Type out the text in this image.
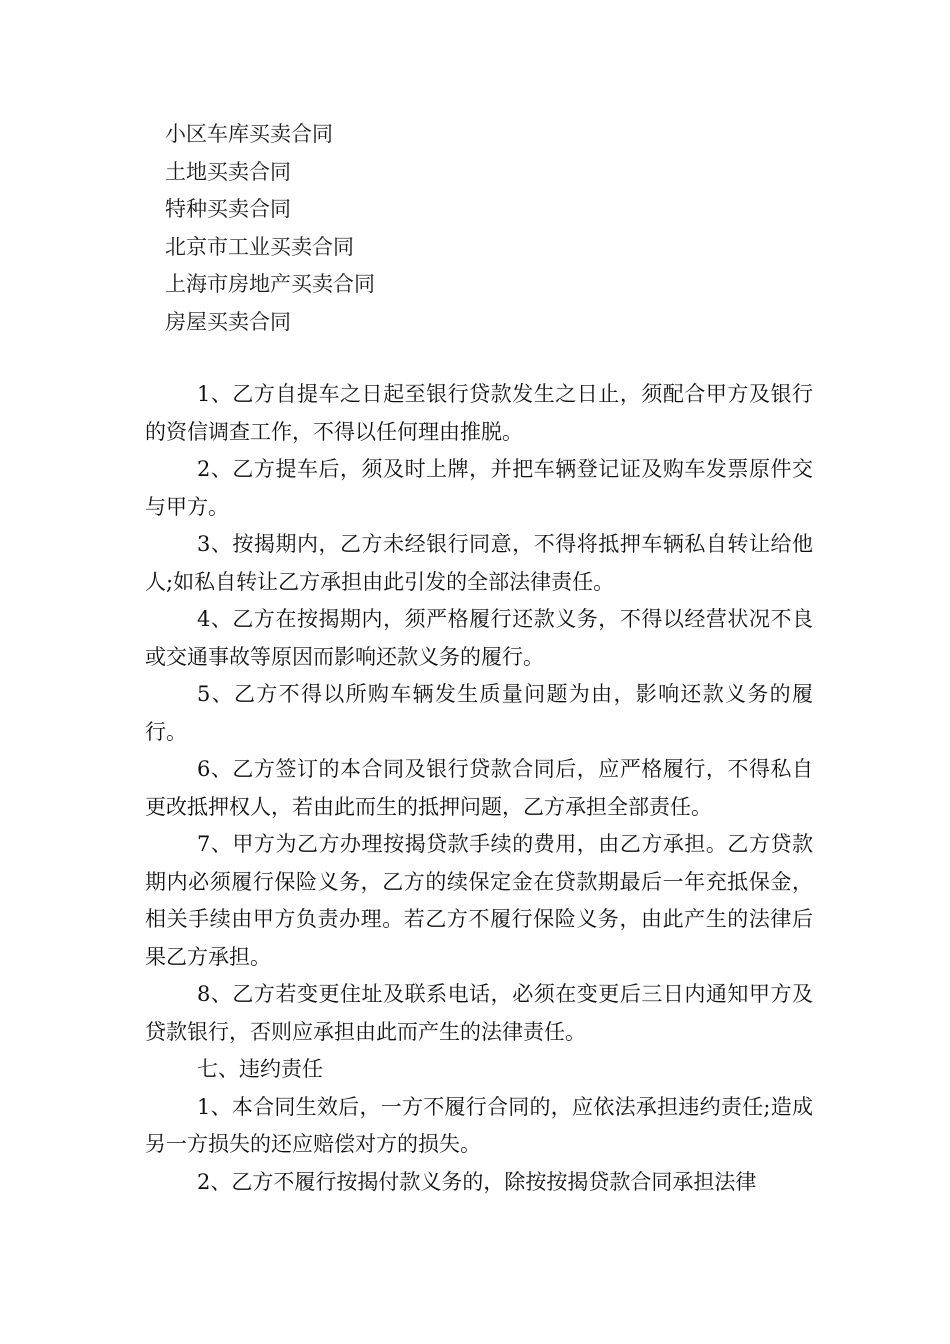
小区车库买卖合同
土地买卖合同
特种买卖合同
北京市工业买卖合同
上海市房地产买卖合同
房屋买卖合同

1、乙方自提车之日起至银行贷款发生之日止，须配合甲方及银行的资信调查工作，不得以任何理由推脱。

2、乙方提车后，须及时上牌，并把车辆登记证及购车发票原件交与甲方。

3、按揭期内，乙方未经银行同意，不得将抵押车辆私自转让给他人;如私自转让乙方承担由此引发的全部法律责任。

4、乙方在按揭期内，须严格履行还款义务，不得以经营状况不良或交通事故等原因而影响还款义务的履行。

5、乙方不得以所购车辆发生质量问题为由，影响还款义务的履行。

6、乙方签订的本合同及银行贷款合同后，应严格履行，不得私自更改抵押权人，若由此而生的抵押问题，乙方承担全部责任。

7、甲方为乙方办理按揭贷款手续的费用，由乙方承担。乙方贷款期内必须履行保险义务，乙方的续保定金在贷款期最后一年充抵保金，相关手续由甲方负责办理。若乙方不履行保险义务，由此产生的法律后果乙方承担。

8、乙方若变更住址及联系电话，必须在变更后三日内通知甲方及贷款银行，否则应承担由此而产生的法律责任。

七、违约责任

1、本合同生效后，一方不履行合同的，应依法承担违约责任;造成另一方损失的还应赔偿对方的损失。

2、乙方不履行按揭付款义务的，除按按揭贷款合同承担法律
